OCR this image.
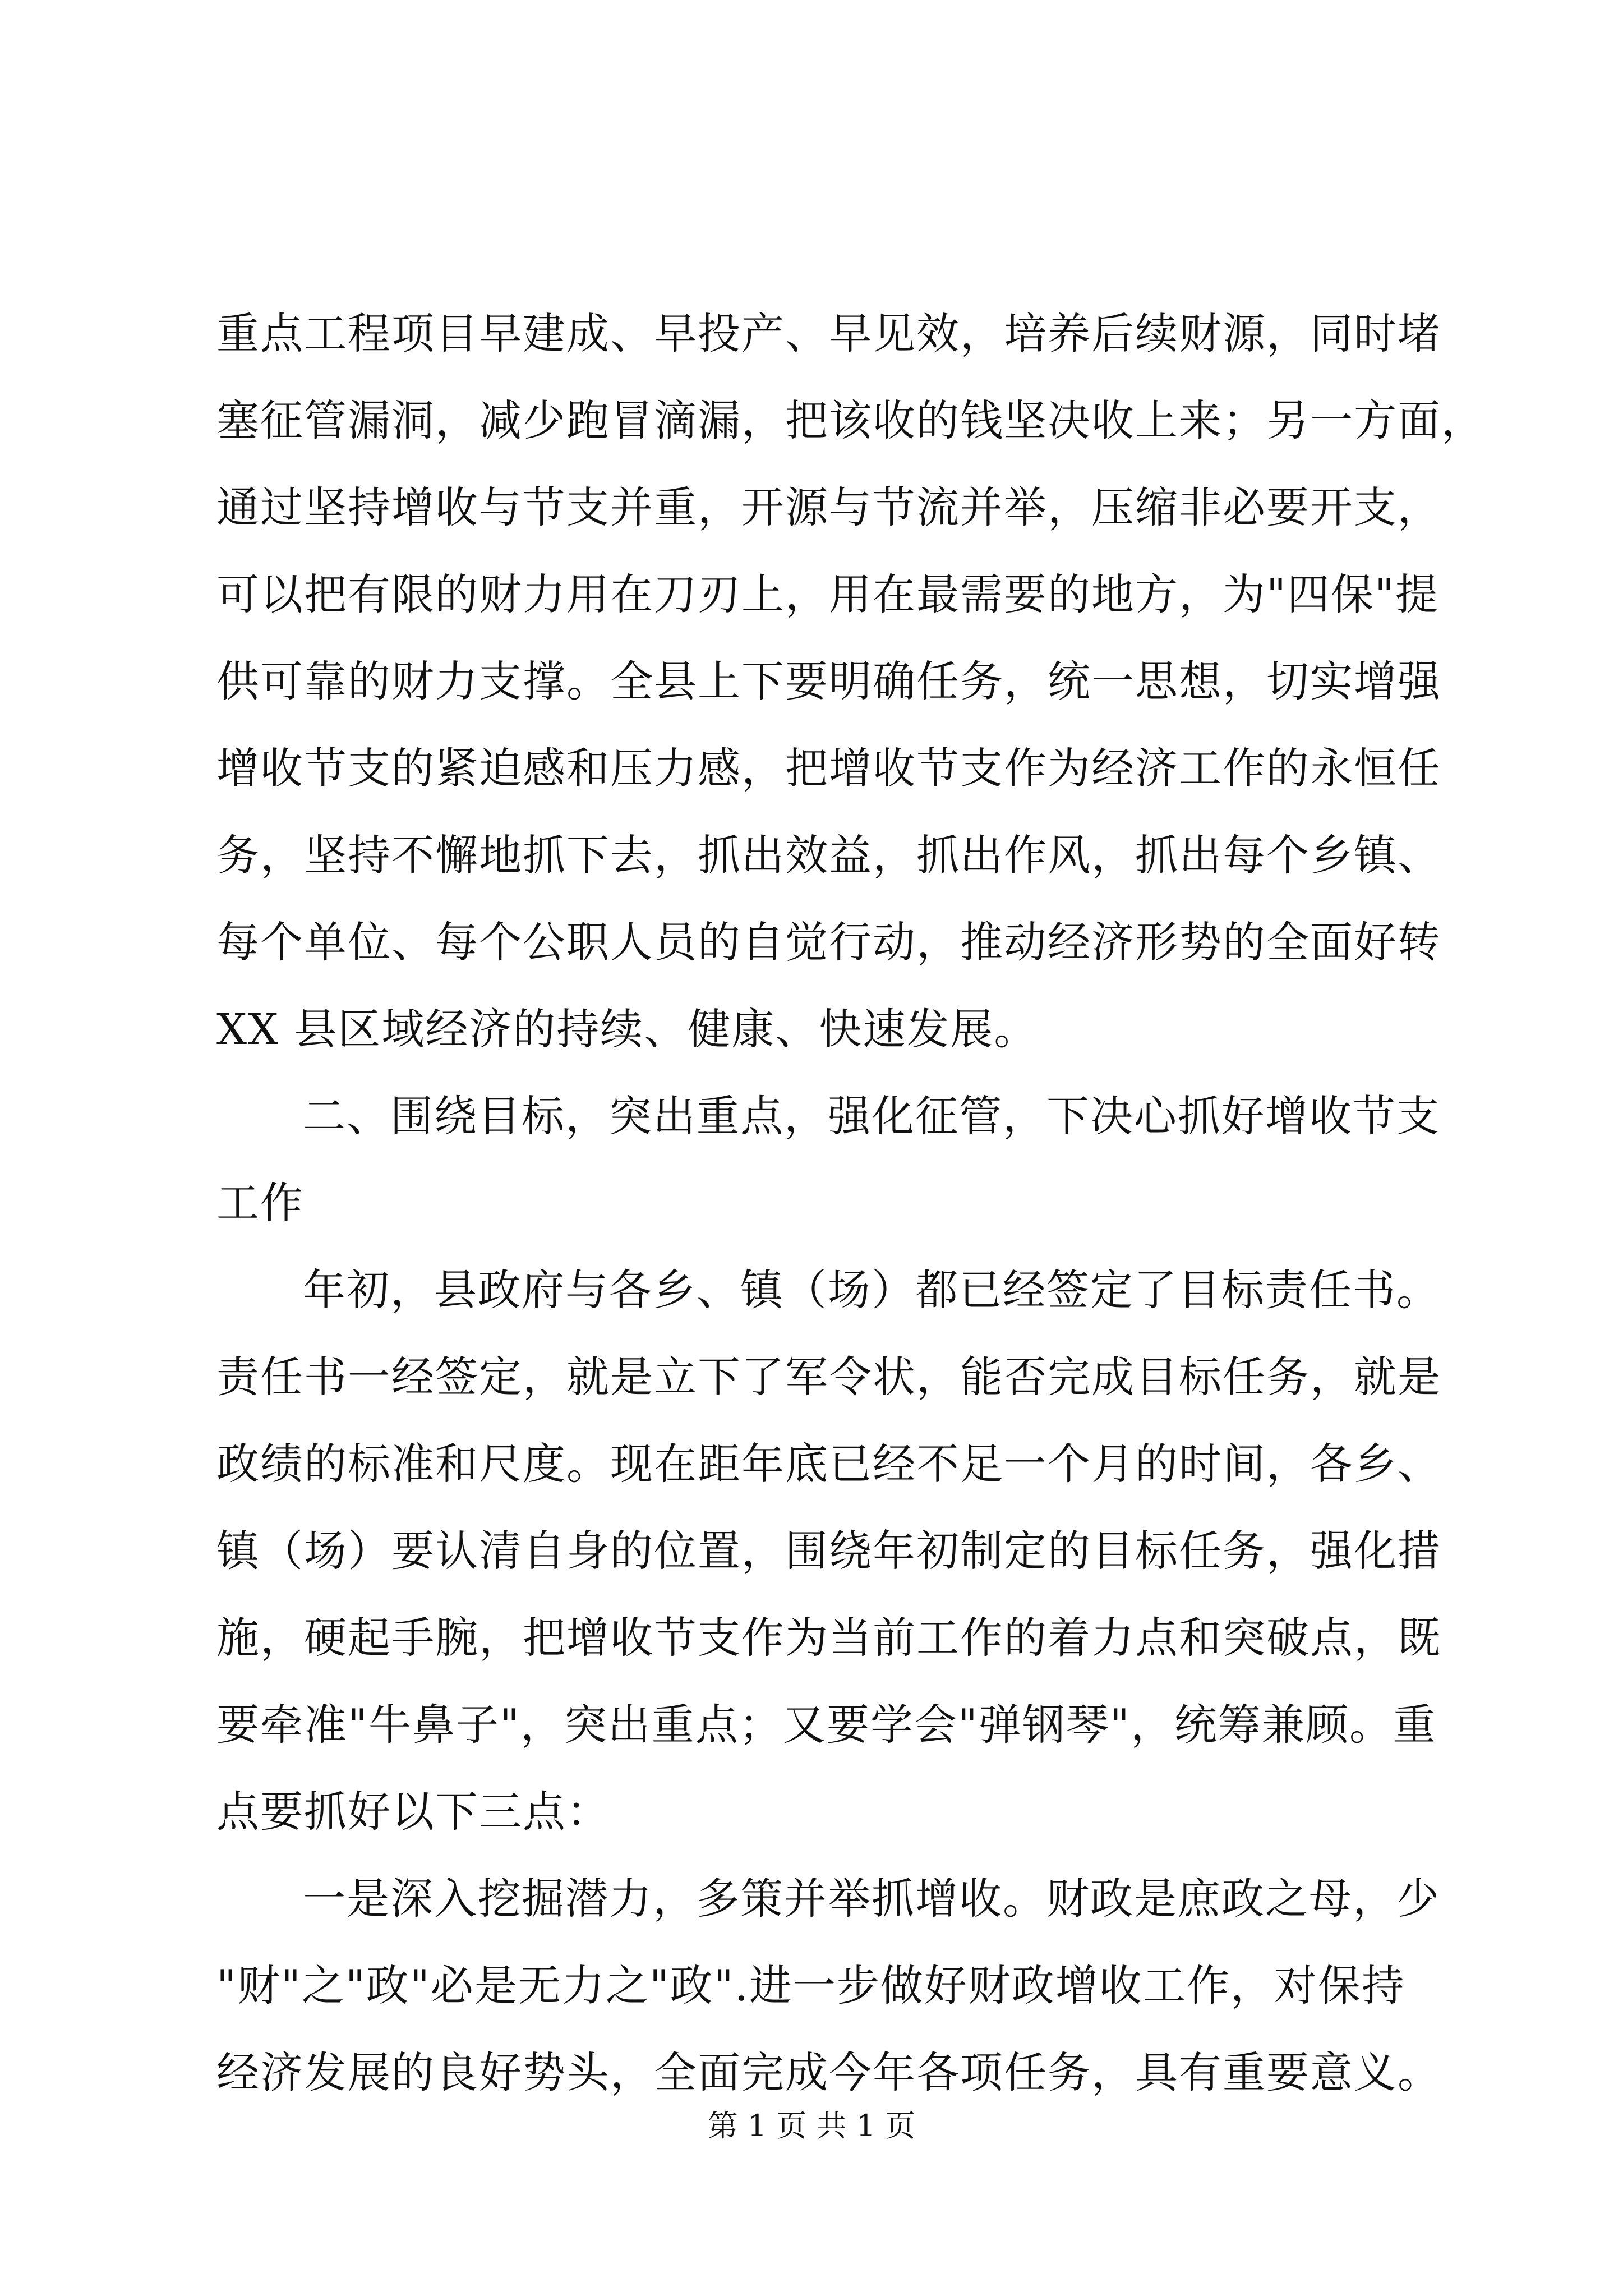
重点工程项目早建成、早投产、早见效，培养后续财源，同时堵
塞征管漏洞，减少跑冒滴漏，把该收的钱坚决收上来；另一方面，
通过坚持增收与节支并重，开源与节流并举，压缩非必要开支，
可以把有限的财力用在刀刃上，用在最需要的地方，为"四保"提
供可靠的财力支撑。全县上下要明确任务，统一思想，切实增强
增收节支的紧迫感和压力感，把增收节支作为经济工作的永恒任
务，坚持不懈地抓下去，抓出效益，抓出作风，抓出每个乡镇、
每个单位、每个公职人员的自觉行动，推动经济形势的全面好转
XX 县区域经济的持续、健康、快速发展。
二、围绕目标，突出重点，强化征管，下决心抓好增收节支
工作
年初，县政府与各乡、镇（场）都已经签定了目标责任书。
责任书一经签定，就是立下了军令状，能否完成目标任务，就是
政绩的标准和尺度。现在距年底已经不足一个月的时间，各乡、
镇（场）要认清自身的位置，围绕年初制定的目标任务，强化措
施，硬起手腕，把增收节支作为当前工作的着力点和突破点，既
要牵准"牛鼻子"，突出重点；又要学会"弹钢琴"，统筹兼顾。重
点要抓好以下三点：
一是深入挖掘潜力，多策并举抓增收。财政是庶政之母，少
"财"之"政"必是无力之"政".进一步做好财政增收工作，对保持
经济发展的良好势头，全面完成今年各项任务，具有重要意义。
第 1 页 共 1 页
